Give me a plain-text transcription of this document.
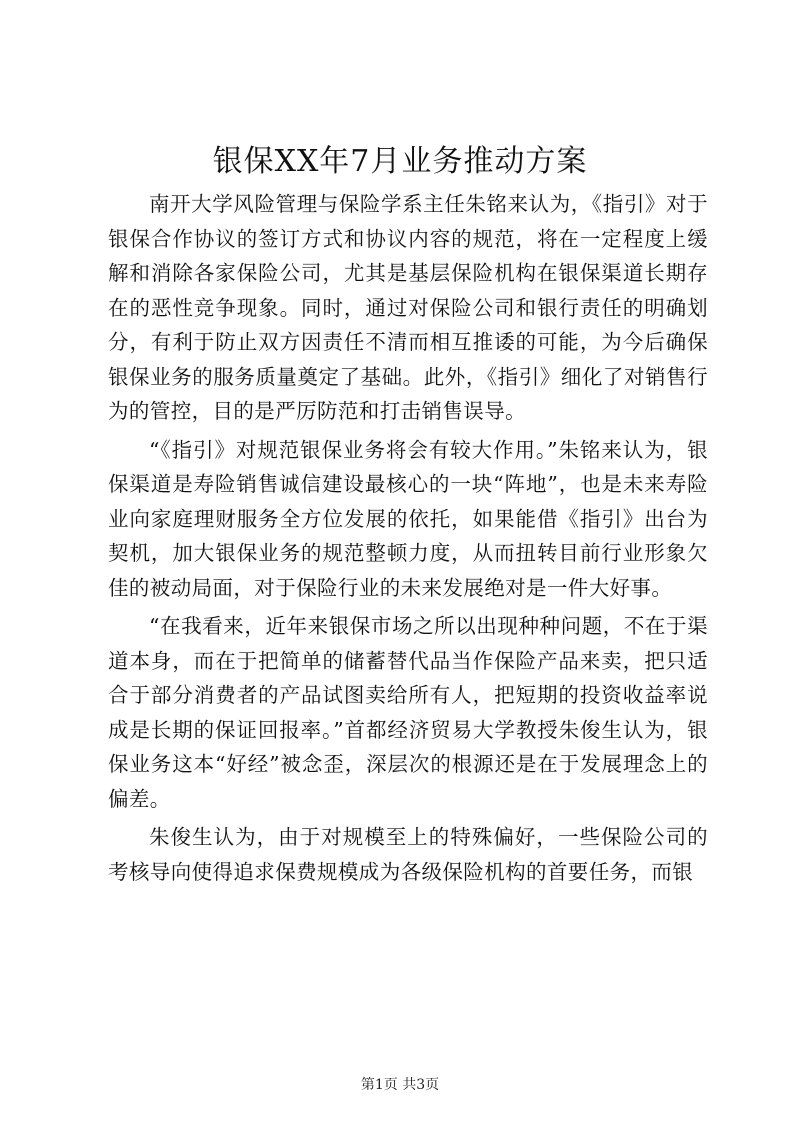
银保XX年7月业务推动方案

南开大学风险管理与保险学系主任朱铭来认为，《指引》对于银保合作协议的签订方式和协议内容的规范，将在一定程度上缓解和消除各家保险公司，尤其是基层保险机构在银保渠道长期存在的恶性竞争现象。同时，通过对保险公司和银行责任的明确划分，有利于防止双方因责任不清而相互推诿的可能，为今后确保银保业务的服务质量奠定了基础。此外，《指引》细化了对销售行为的管控，目的是严厉防范和打击销售误导。

“《指引》对规范银保业务将会有较大作用。”朱铭来认为，银保渠道是寿险销售诚信建设最核心的一块“阵地”，也是未来寿险业向家庭理财服务全方位发展的依托，如果能借《指引》出台为契机，加大银保业务的规范整顿力度，从而扭转目前行业形象欠佳的被动局面，对于保险行业的未来发展绝对是一件大好事。

“在我看来，近年来银保市场之所以出现种种问题，不在于渠道本身，而在于把简单的储蓄替代品当作保险产品来卖，把只适合于部分消费者的产品试图卖给所有人，把短期的投资收益率说成是长期的保证回报率。”首都经济贸易大学教授朱俊生认为，银保业务这本“好经”被念歪，深层次的根源还是在于发展理念上的偏差。

朱俊生认为，由于对规模至上的特殊偏好，一些保险公司的考核导向使得追求保费规模成为各级保险机构的首要任务，而银

第1页 共3页
